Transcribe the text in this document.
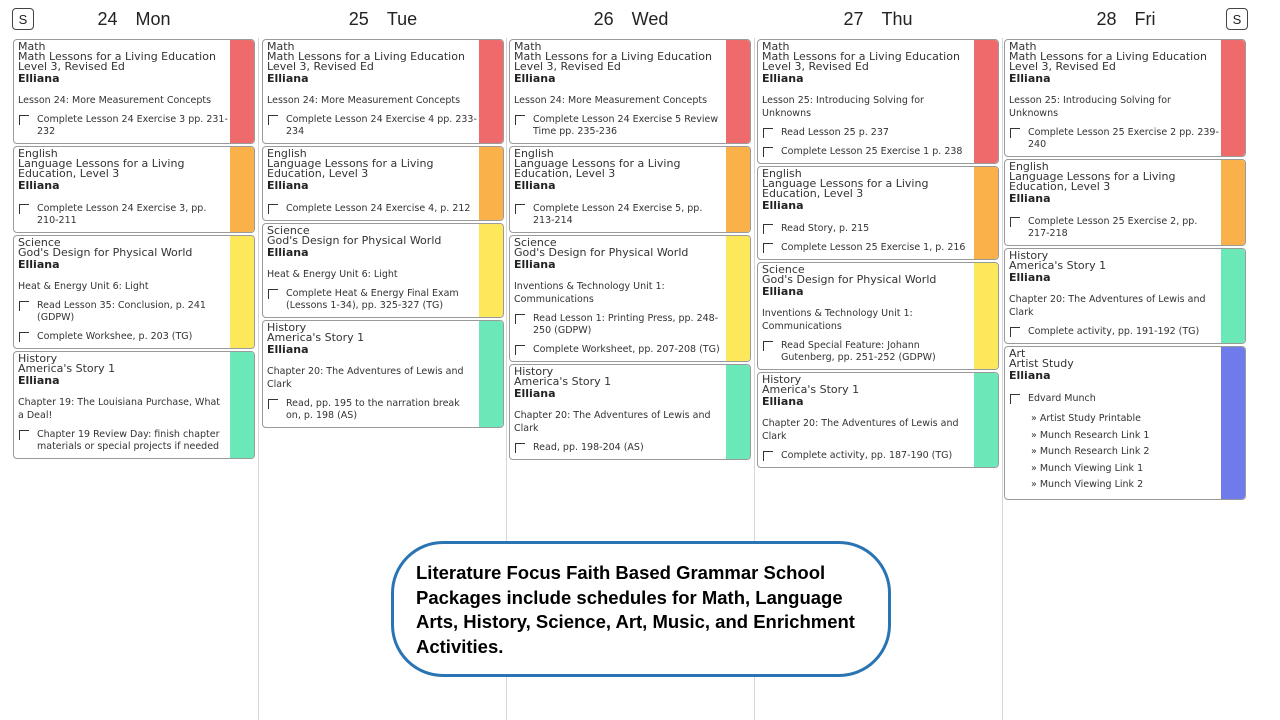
S	S
24 Mon	25 Tue	26 Wed	27 Thu	28 Fri
Math
Math Lessons for a Living Education Level 3, Revised Ed
Elliana
Lesson 24: More Measurement Concepts
Complete Lesson 24 Exercise 3 pp. 231-232
English
Language Lessons for a Living Education, Level 3
Elliana
Complete Lesson 24 Exercise 3, pp. 210-211
Science
God's Design for Physical World
Elliana
Heat & Energy Unit 6: Light
Read Lesson 35: Conclusion, p. 241 (GDPW)
Complete Workshee, p. 203 (TG)
History
America's Story 1
Elliana
Chapter 19: The Louisiana Purchase, What a Deal!
Chapter 19 Review Day: finish chapter materials or special projects if needed
Math
Math Lessons for a Living Education Level 3, Revised Ed
Elliana
Lesson 24: More Measurement Concepts
Complete Lesson 24 Exercise 4 pp. 233-234
English
Language Lessons for a Living Education, Level 3
Elliana
Complete Lesson 24 Exercise 4, p. 212
Science
God's Design for Physical World
Elliana
Heat & Energy Unit 6: Light
Complete Heat & Energy Final Exam (Lessons 1-34), pp. 325-327 (TG)
History
America's Story 1
Elliana
Chapter 20: The Adventures of Lewis and Clark
Read, pp. 195 to the narration break on, p. 198 (AS)
Math
Math Lessons for a Living Education Level 3, Revised Ed
Elliana
Lesson 24: More Measurement Concepts
Complete Lesson 24 Exercise 5 Review Time pp. 235-236
English
Language Lessons for a Living Education, Level 3
Elliana
Complete Lesson 24 Exercise 5, pp. 213-214
Science
God's Design for Physical World
Elliana
Inventions & Technology Unit 1: Communications
Read Lesson 1: Printing Press, pp. 248-250 (GDPW)
Complete Worksheet, pp. 207-208 (TG)
History
America's Story 1
Elliana
Chapter 20: The Adventures of Lewis and Clark
Read, pp. 198-204 (AS)
Math
Math Lessons for a Living Education Level 3, Revised Ed
Elliana
Lesson 25: Introducing Solving for Unknowns
Read Lesson 25 p. 237
Complete Lesson 25 Exercise 1 p. 238
English
Language Lessons for a Living Education, Level 3
Elliana
Read Story, p. 215
Complete Lesson 25 Exercise 1, p. 216
Science
God's Design for Physical World
Elliana
Inventions & Technology Unit 1: Communications
Read Special Feature: Johann Gutenberg, pp. 251-252 (GDPW)
History
America's Story 1
Elliana
Chapter 20: The Adventures of Lewis and Clark
Complete activity, pp. 187-190 (TG)
Math
Math Lessons for a Living Education Level 3, Revised Ed
Elliana
Lesson 25: Introducing Solving for Unknowns
Complete Lesson 25 Exercise 2 pp. 239-240
English
Language Lessons for a Living Education, Level 3
Elliana
Complete Lesson 25 Exercise 2, pp. 217-218
History
America's Story 1
Elliana
Chapter 20: The Adventures of Lewis and Clark
Complete activity, pp. 191-192 (TG)
Art
Artist Study
Elliana
Edvard Munch
» Artist Study Printable
» Munch Research Link 1
» Munch Research Link 2
» Munch Viewing Link 1
» Munch Viewing Link 2

Literature Focus Faith Based Grammar School Packages include schedules for Math, Language Arts, History, Science, Art, Music, and Enrichment Activities.
